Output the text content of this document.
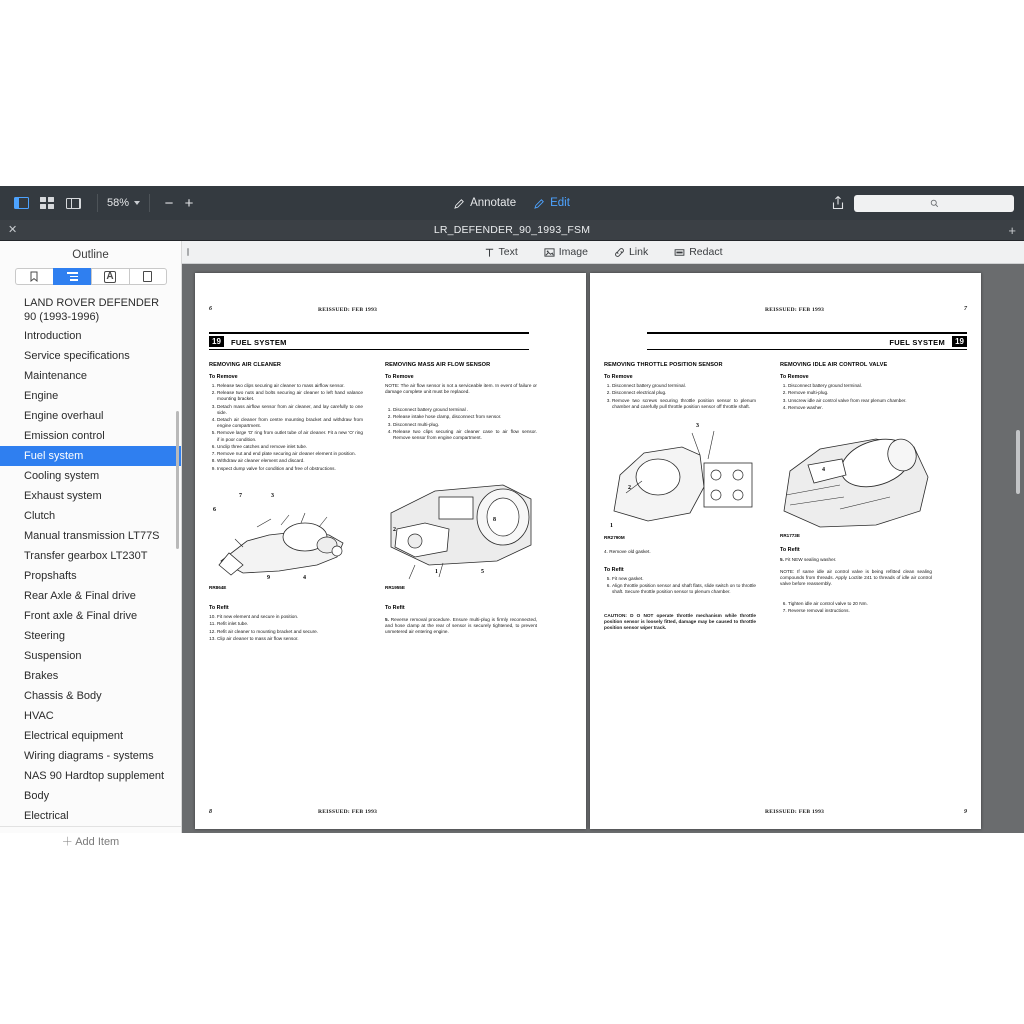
58%	− +	Annotate	Edit
✕	LR_DEFENDER_90_1993_FSM	+
Outline
A
LAND ROVER DEFENDER 90 (1993-1996)
Introduction
Service specifications
Maintenance
Engine
Engine overhaul
Emission control
Fuel system
Cooling system
Exhaust system
Clutch
Manual transmission LT77S
Transfer gearbox LT230T
Propshafts
Rear Axle & Final drive
Front axle & Final drive
Steering
Suspension
Brakes
Chassis & Body
HVAC
Electrical equipment
Wiring diagrams - systems
NAS 90 Hardtop supplement
Body
Electrical
＋ Add Item
Text	Image	Link	Redact
6	REISSUED: FEB 1993
19	FUEL SYSTEM
REMOVING AIR CLEANER
To Remove
1. Release two clips securing air cleaner to mass airflow sensor.
2. Release two nuts and bolts securing air cleaner to left hand valance mounting bracket.
3. Detach mass airflow sensor from air cleaner, and lay carefully to one side.
4. Detach air cleaner from centre mounting bracket and withdraw from engine compartment.
5. Remove large 'O' ring from outlet tube of air cleaner. Fit a new 'O' ring if in poor condition.
6. Unclip three catches and remove inlet tube.
7. Remove nut and end plate securing air cleaner element in position.
8. Withdraw air cleaner element and discard.
9. Inspect dump valve for condition and free of obstructions.
6
7	3
9	4
RR864E
To Refit
10. Fit new element and secure in position.
11. Refit inlet tube.
12. Refit air cleaner to mounting bracket and secure.
13. Clip air cleaner to mass air flow sensor.
REMOVING MASS AIR FLOW SENSOR
To Remove
NOTE: The air flow sensor is not a serviceable item. In event of failure or damage complete unit must be replaced.
1. Disconnect battery ground terminal .
2. Release intake hose clamp, disconnect from sensor.
3. Disconnect multi-plug.
4. Release two clips securing air cleaner case to air flow sensor. Remove sensor from engine compartment.
2
1
8
5
RR1955E
To Refit
5. Reverse removal procedure. Ensure multi-plug is firmly reconnected, and hose clamp at the rear of sensor is securely tightened, to prevent unmetered air entering engine.
REISSUED: FEB 1993
8
REISSUED: FEB 1993	7
19
FUEL SYSTEM
REMOVING THROTTLE POSITION SENSOR
To Remove
1. Disconnect battery ground terminal.
2. Disconnect electrical plug.
3. Remove two screws securing throttle position sensor to plenum chamber and carefully pull throttle position sensor off throttle shaft.
3
2
1
RR2790M
4. Remove old gasket.
To Refit
5. Fit new gasket.
6. Align throttle position sensor and shaft flats, slide switch on to throttle shaft. Secure throttle position sensor to plenum chamber.
CAUTION: D O NOT operate throttle mechanism while throttle position sensor is loosely fitted, damage may be caused to throttle position sensor wiper track.
REMOVING IDLE AIR CONTROL VALVE
To Remove
1. Disconnect battery ground terminal.
2. Remove multi-plug.
3. Unscrew idle air control valve from rear plenum chamber.
4. Remove washer.
4
RR1773E
To Refit
5. Fit NEW sealing washer.
NOTE: If same idle air control valve is being refitted clean sealing compounds from threads. Apply Loctite 241 to threads of idle air control valve before reassembly.
6. Tighten idle air control valve to 20 Nm.
7. Reverse removal instructions.
REISSUED: FEB 1993	9
